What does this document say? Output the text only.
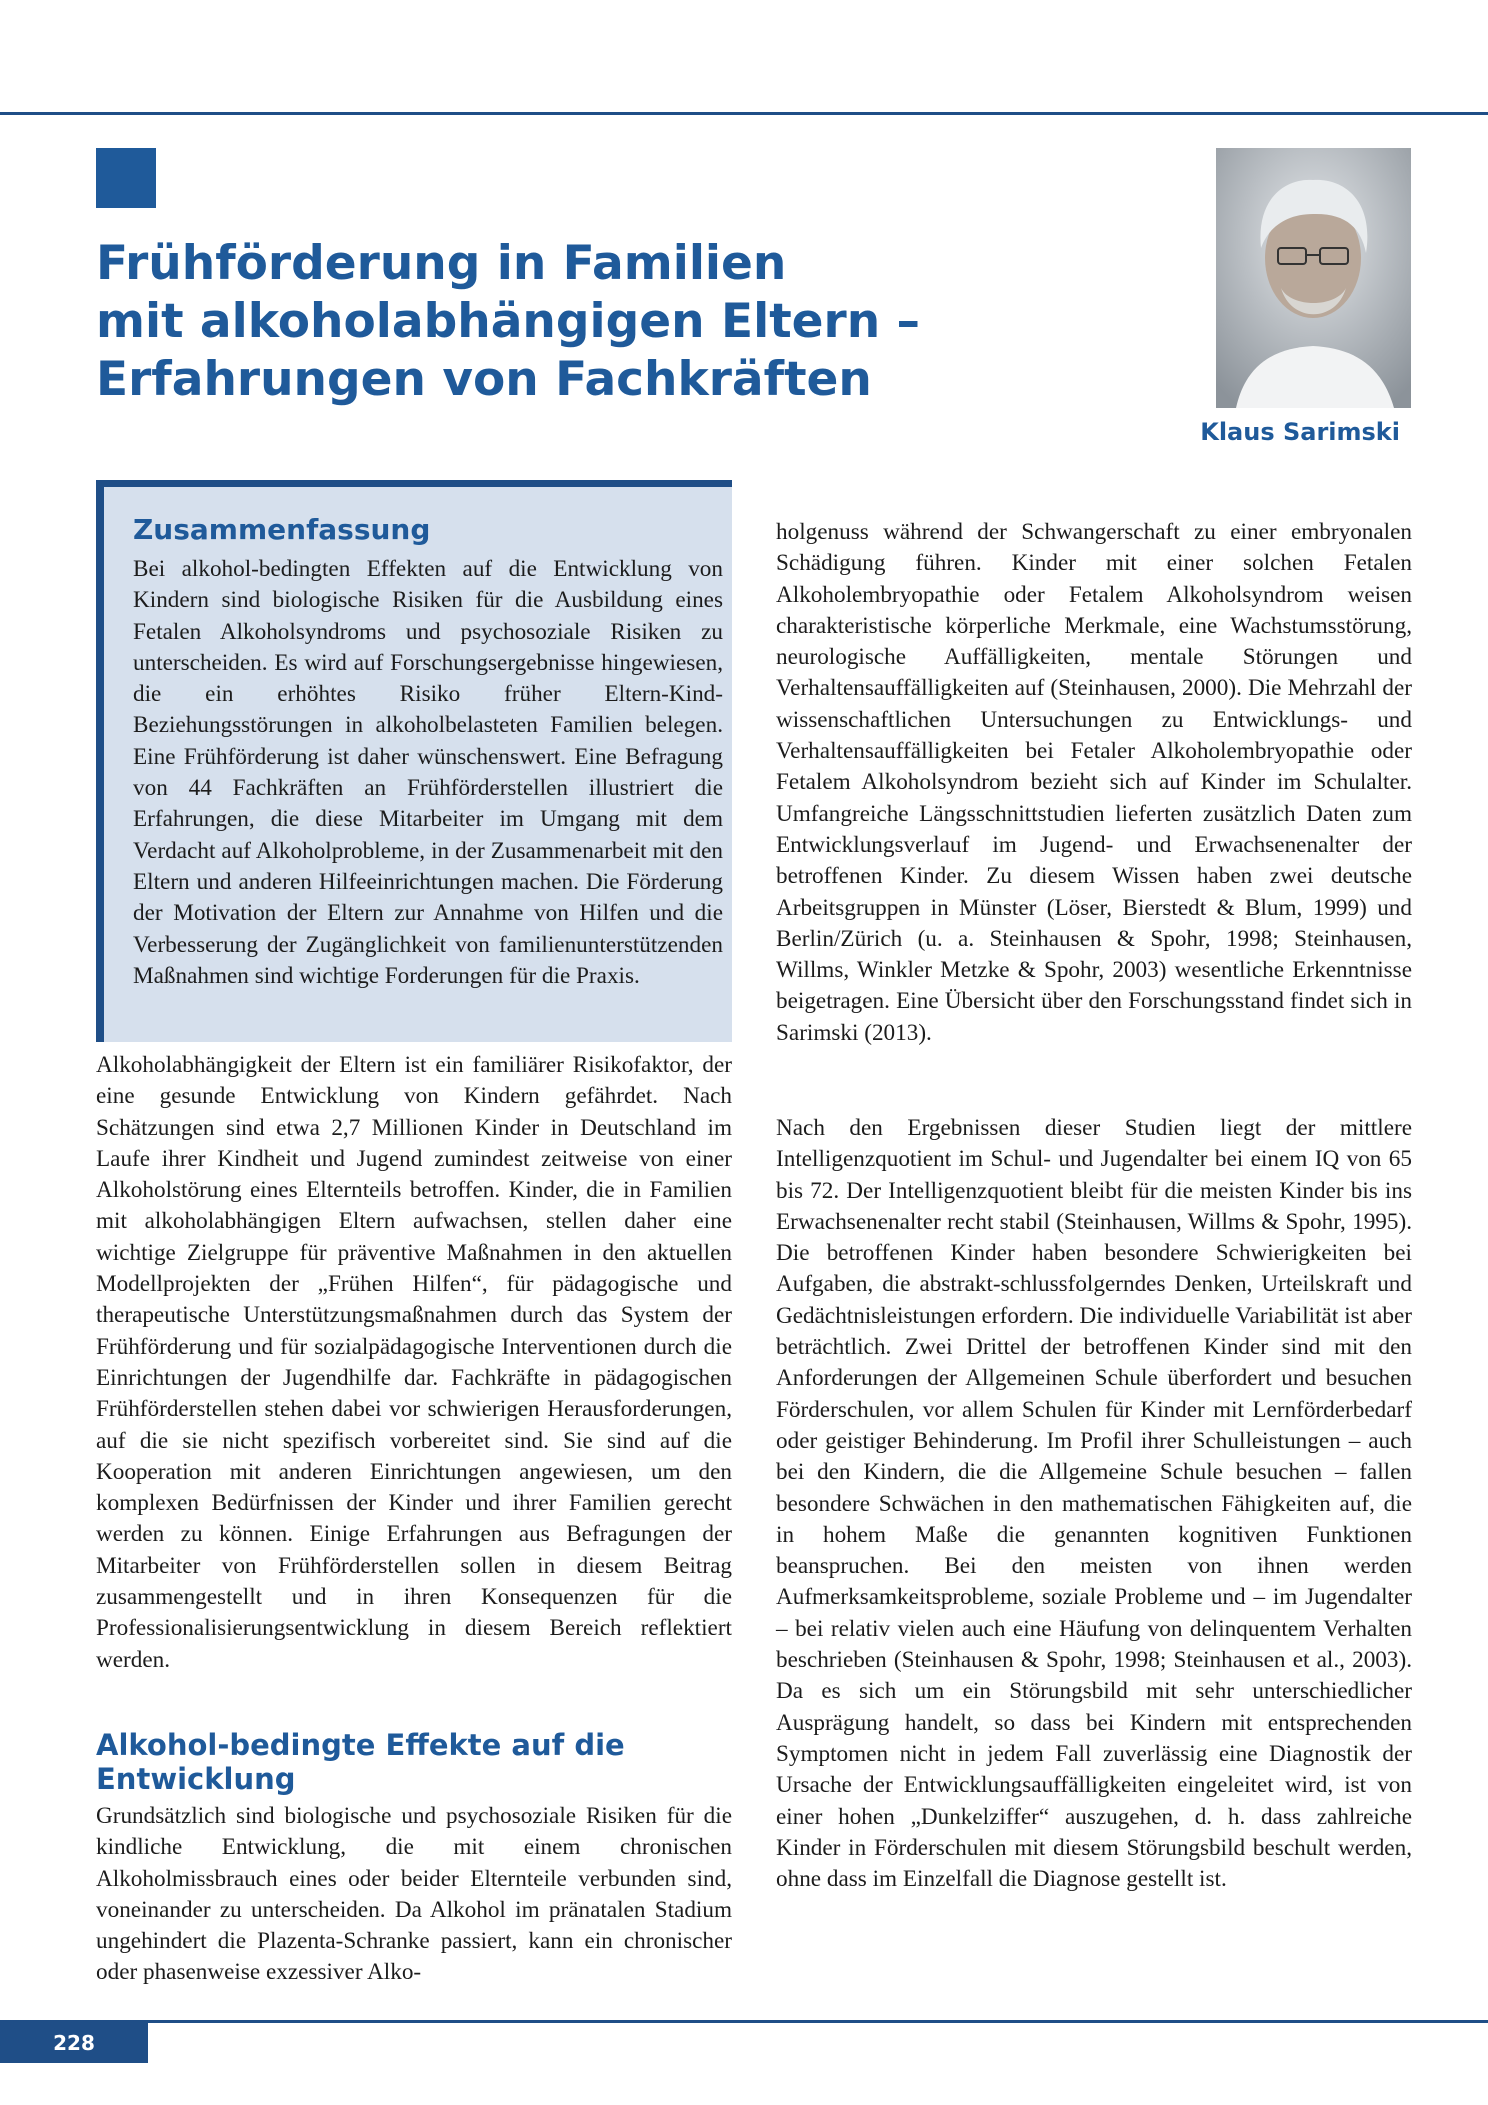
Frühförderung in Familien
mit alkoholabhängigen Eltern –
Erfahrungen von Fachkräften
Klaus Sarimski
Zusammenfassung

Bei alkohol-bedingten Effekten auf die Entwicklung von Kindern sind biologische Risiken für die Ausbildung eines Fetalen Alkoholsyndroms und psychosoziale Risiken zu unterscheiden. Es wird auf Forschungsergebnisse hingewiesen, die ein erhöhtes Risiko früher Eltern-Kind-Beziehungsstörungen in alkoholbelasteten Familien belegen. Eine Frühförderung ist daher wünschenswert. Eine Befragung von 44 Fachkräften an Frühförderstellen illustriert die Erfahrungen, die diese Mitarbeiter im Umgang mit dem Verdacht auf Alkoholprobleme, in der Zusammenarbeit mit den Eltern und anderen Hilfeeinrichtungen machen. Die Förderung der Motivation der Eltern zur Annahme von Hilfen und die Verbesserung der Zugänglichkeit von familienunterstützenden Maßnahmen sind wichtige Forderungen für die Praxis.

Alkoholabhängigkeit der Eltern ist ein familiärer Risikofaktor, der eine gesunde Entwicklung von Kindern gefährdet. Nach Schätzungen sind etwa 2,7 Millionen Kinder in Deutschland im Laufe ihrer Kindheit und Jugend zumindest zeitweise von einer Alkoholstörung eines Elternteils betroffen. Kinder, die in Familien mit alkoholabhängigen Eltern aufwachsen, stellen daher eine wichtige Zielgruppe für präventive Maßnahmen in den aktuellen Modellprojekten der „Frühen Hilfen“, für pädagogische und therapeutische Unterstützungsmaßnahmen durch das System der Frühförderung und für sozialpädagogische Interventionen durch die Einrichtungen der Jugendhilfe dar. Fachkräfte in pädagogischen Frühförderstellen stehen dabei vor schwierigen Herausforderungen, auf die sie nicht spezifisch vorbereitet sind. Sie sind auf die Kooperation mit anderen Einrichtungen angewiesen, um den komplexen Bedürfnissen der Kinder und ihrer Familien gerecht werden zu können. Einige Erfahrungen aus Befragungen der Mitarbeiter von Frühförderstellen sollen in diesem Beitrag zusammengestellt und in ihren Konsequenzen für die Professionalisierungsentwicklung in diesem Bereich reflektiert werden.

Alkohol-bedingte Effekte auf die
Entwicklung

Grundsätzlich sind biologische und psychosoziale Risiken für die kindliche Entwicklung, die mit einem chronischen Alkoholmissbrauch eines oder beider Elternteile verbunden sind, voneinander zu unterscheiden. Da Alkohol im pränatalen Stadium ungehindert die Plazenta-Schranke passiert, kann ein chronischer oder phasenweise exzessiver Alko-

holgenuss während der Schwangerschaft zu einer embryonalen Schädigung führen. Kinder mit einer solchen Fetalen Alkoholembryopathie oder Fetalem Alkoholsyndrom weisen charakteristische körperliche Merkmale, eine Wachstumsstörung, neurologische Auffälligkeiten, mentale Störungen und Verhaltensauffälligkeiten auf (Steinhausen, 2000). Die Mehrzahl der wissenschaftlichen Untersuchungen zu Entwicklungs- und Verhaltensauffälligkeiten bei Fetaler Alkoholembryopathie oder Fetalem Alkoholsyndrom bezieht sich auf Kinder im Schulalter. Umfangreiche Längsschnittstudien lieferten zusätzlich Daten zum Entwicklungsverlauf im Jugend- und Erwachsenenalter der betroffenen Kinder. Zu diesem Wissen haben zwei deutsche Arbeitsgruppen in Münster (Löser, Bierstedt & Blum, 1999) und Berlin/Zürich (u. a. Steinhausen & Spohr, 1998; Steinhausen, Willms, Winkler Metzke & Spohr, 2003) wesentliche Erkenntnisse beigetragen. Eine Übersicht über den Forschungsstand findet sich in Sarimski (2013).

Nach den Ergebnissen dieser Studien liegt der mittlere Intelligenzquotient im Schul- und Jugendalter bei einem IQ von 65 bis 72. Der Intelligenzquotient bleibt für die meisten Kinder bis ins Erwachsenenalter recht stabil (Steinhausen, Willms & Spohr, 1995). Die betroffenen Kinder haben besondere Schwierigkeiten bei Aufgaben, die abstrakt-schlussfolgerndes Denken, Urteilskraft und Gedächtnisleistungen erfordern. Die individuelle Variabilität ist aber beträchtlich. Zwei Drittel der betroffenen Kinder sind mit den Anforderungen der Allgemeinen Schule überfordert und besuchen Förderschulen, vor allem Schulen für Kinder mit Lernförderbedarf oder geistiger Behinderung. Im Profil ihrer Schulleistungen – auch bei den Kindern, die die Allgemeine Schule besuchen – fallen besondere Schwächen in den mathematischen Fähigkeiten auf, die in hohem Maße die genannten kognitiven Funktionen beanspruchen. Bei den meisten von ihnen werden Aufmerksamkeitsprobleme, soziale Probleme und – im Jugendalter – bei relativ vielen auch eine Häufung von delinquentem Verhalten beschrieben (Steinhausen & Spohr, 1998; Steinhausen et al., 2003). Da es sich um ein Störungsbild mit sehr unterschiedlicher Ausprägung handelt, so dass bei Kindern mit entsprechenden Symptomen nicht in jedem Fall zuverlässig eine Diagnostik der Ursache der Entwicklungsauffälligkeiten eingeleitet wird, ist von einer hohen „Dunkelziffer“ auszugehen, d. h. dass zahlreiche Kinder in Förderschulen mit diesem Störungsbild beschult werden, ohne dass im Einzelfall die Diagnose gestellt ist.

228
